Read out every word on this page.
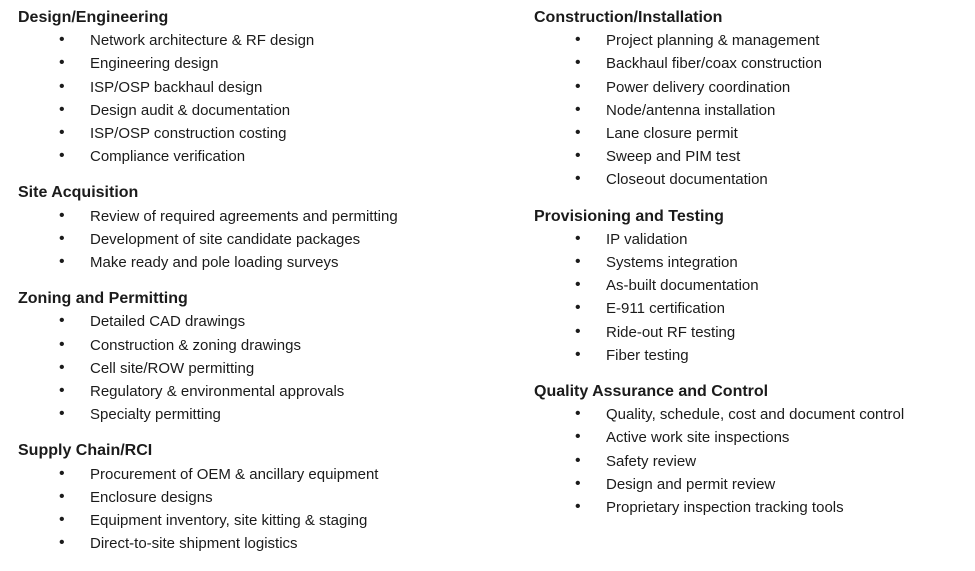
Design/Engineering
• Network architecture & RF design
• Engineering design
• ISP/OSP backhaul design
• Design audit & documentation
• ISP/OSP construction costing
• Compliance verification
Site Acquisition
• Review of required agreements and permitting
• Development of site candidate packages
• Make ready and pole loading surveys
Zoning and Permitting
• Detailed CAD drawings
• Construction & zoning drawings
• Cell site/ROW permitting
• Regulatory & environmental approvals
• Specialty permitting
Supply Chain/RCI
• Procurement of OEM & ancillary equipment
• Enclosure designs
• Equipment inventory, site kitting & staging
• Direct-to-site shipment logistics
Construction/Installation
• Project planning & management
• Backhaul fiber/coax construction
• Power delivery coordination
• Node/antenna installation
• Lane closure permit
• Sweep and PIM test
• Closeout documentation
Provisioning and Testing
• IP validation
• Systems integration
• As-built documentation
• E-911 certification
• Ride-out RF testing
• Fiber testing
Quality Assurance and Control
• Quality, schedule, cost and document control
• Active work site inspections
• Safety review
• Design and permit review
• Proprietary inspection tracking tools
